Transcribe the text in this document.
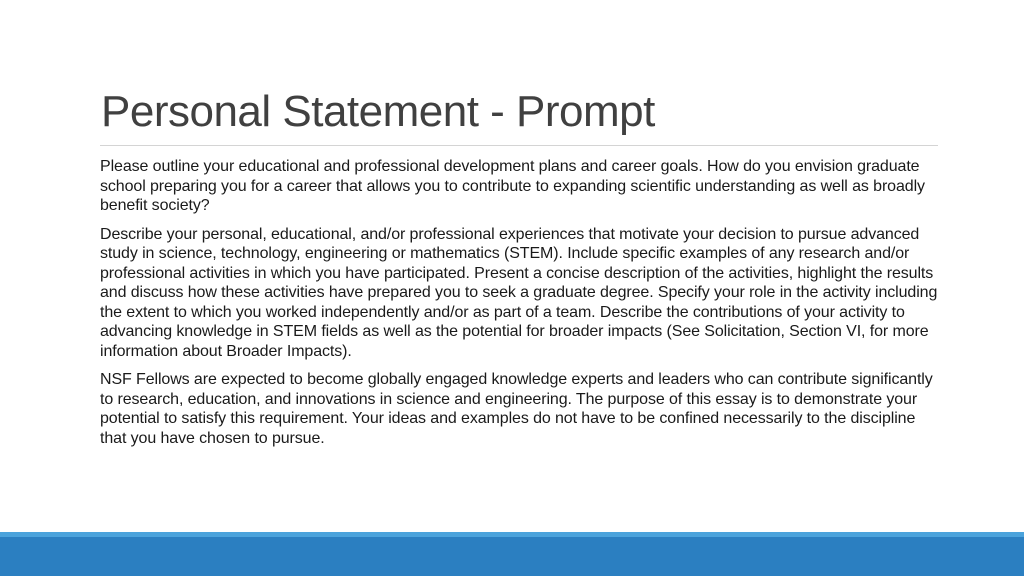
Personal Statement - Prompt

Please outline your educational and professional development plans and career goals. How do you envision graduate school preparing you for a career that allows you to contribute to expanding scientific understanding as well as broadly benefit society?

Describe your personal, educational, and/or professional experiences that motivate your decision to pursue advanced study in science, technology, engineering or mathematics (STEM). Include specific examples of any research and/or professional activities in which you have participated. Present a concise description of the activities, highlight the results and discuss how these activities have prepared you to seek a graduate degree. Specify your role in the activity including the extent to which you worked independently and/or as part of a team. Describe the contributions of your activity to advancing knowledge in STEM fields as well as the potential for broader impacts (See Solicitation, Section VI, for more information about Broader Impacts).

NSF Fellows are expected to become globally engaged knowledge experts and leaders who can contribute significantly to research, education, and innovations in science and engineering. The purpose of this essay is to demonstrate your potential to satisfy this requirement. Your ideas and examples do not have to be confined necessarily to the discipline that you have chosen to pursue.
